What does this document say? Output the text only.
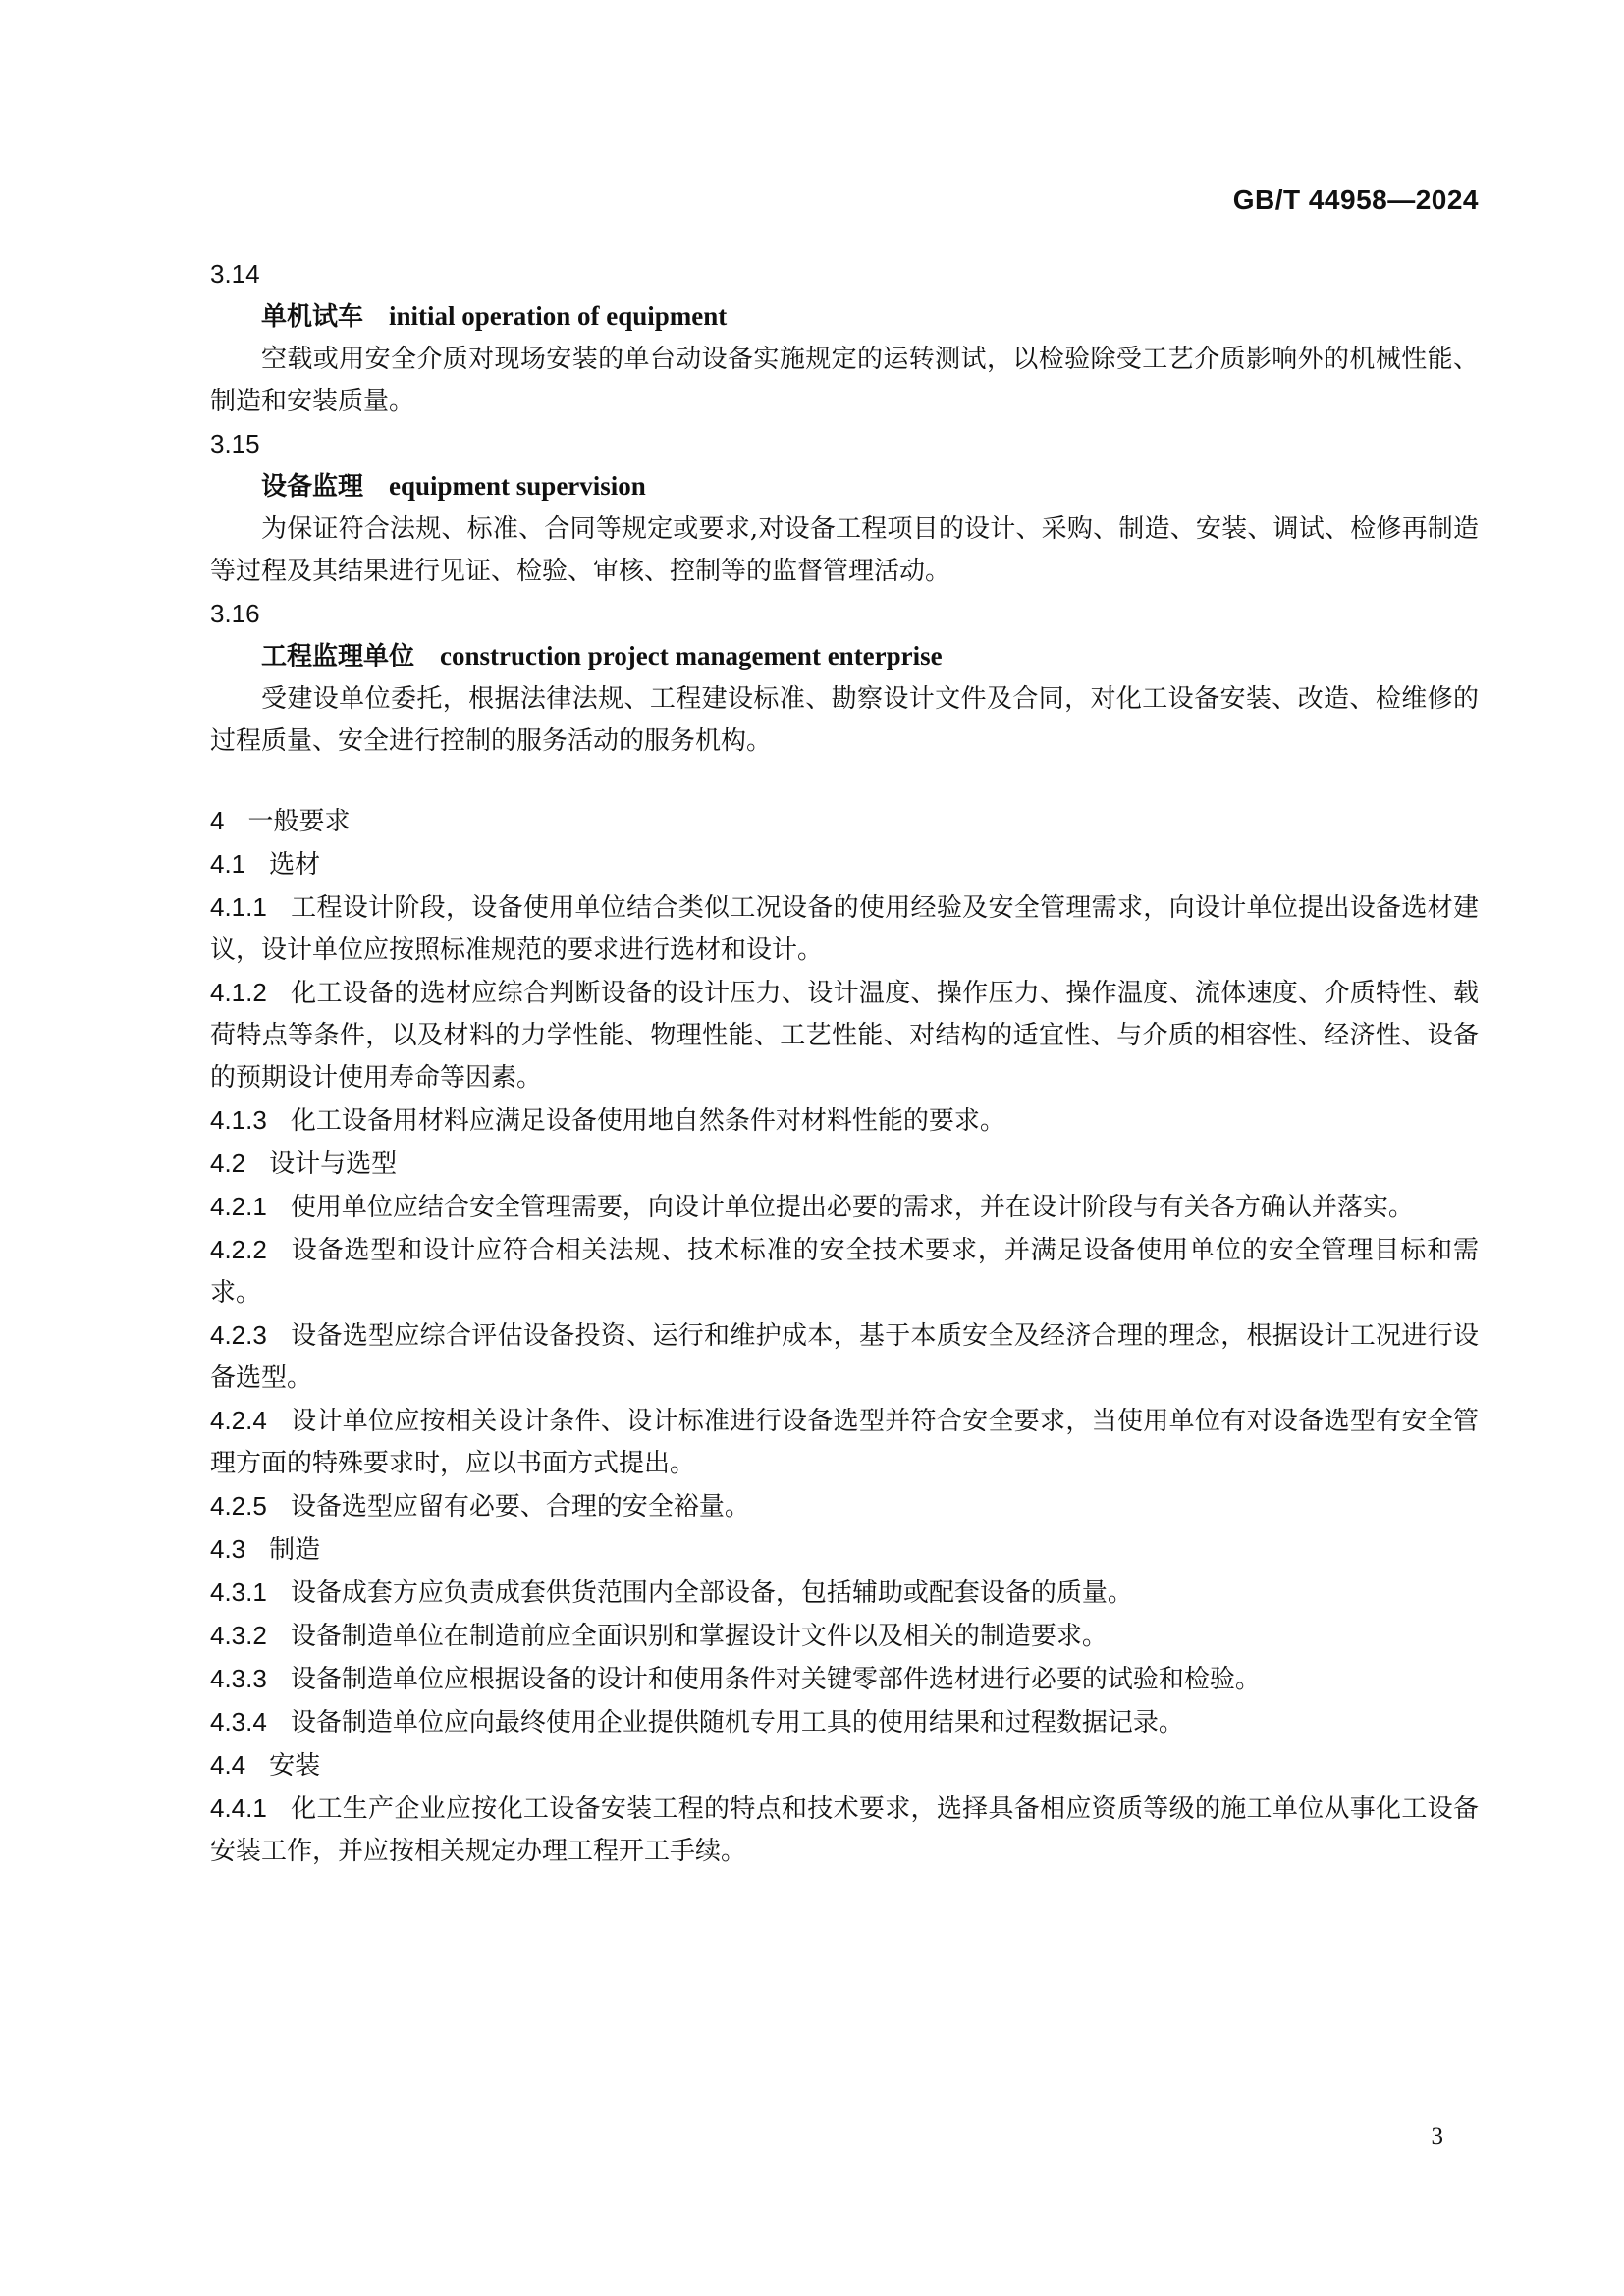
GB/T 44958—2024

3.14

单机试车 initial operation of equipment

空载或用安全介质对现场安装的单台动设备实施规定的运转测试，以检验除受工艺介质影响外的机械性能、制造和安装质量。

3.15

设备监理 equipment supervision

为保证符合法规、标准、合同等规定或要求,对设备工程项目的设计、采购、制造、安装、调试、检修再制造等过程及其结果进行见证、检验、审核、控制等的监督管理活动。

3.16

工程监理单位 construction project management enterprise

受建设单位委托，根据法律法规、工程建设标准、勘察设计文件及合同，对化工设备安装、改造、检维修的过程质量、安全进行控制的服务活动的服务机构。

4 一般要求

4.1 选材

4.1.1 工程设计阶段，设备使用单位结合类似工况设备的使用经验及安全管理需求，向设计单位提出设备选材建议，设计单位应按照标准规范的要求进行选材和设计。

4.1.2 化工设备的选材应综合判断设备的设计压力、设计温度、操作压力、操作温度、流体速度、介质特性、载荷特点等条件，以及材料的力学性能、物理性能、工艺性能、对结构的适宜性、与介质的相容性、经济性、设备的预期设计使用寿命等因素。

4.1.3 化工设备用材料应满足设备使用地自然条件对材料性能的要求。

4.2 设计与选型

4.2.1 使用单位应结合安全管理需要，向设计单位提出必要的需求，并在设计阶段与有关各方确认并落实。

4.2.2 设备选型和设计应符合相关法规、技术标准的安全技术要求，并满足设备使用单位的安全管理目标和需求。

4.2.3 设备选型应综合评估设备投资、运行和维护成本，基于本质安全及经济合理的理念，根据设计工况进行设备选型。

4.2.4 设计单位应按相关设计条件、设计标准进行设备选型并符合安全要求，当使用单位有对设备选型有安全管理方面的特殊要求时，应以书面方式提出。

4.2.5 设备选型应留有必要、合理的安全裕量。

4.3 制造

4.3.1 设备成套方应负责成套供货范围内全部设备，包括辅助或配套设备的质量。

4.3.2 设备制造单位在制造前应全面识别和掌握设计文件以及相关的制造要求。

4.3.3 设备制造单位应根据设备的设计和使用条件对关键零部件选材进行必要的试验和检验。

4.3.4 设备制造单位应向最终使用企业提供随机专用工具的使用结果和过程数据记录。

4.4 安装

4.4.1 化工生产企业应按化工设备安装工程的特点和技术要求，选择具备相应资质等级的施工单位从事化工设备安装工作，并应按相关规定办理工程开工手续。

3
